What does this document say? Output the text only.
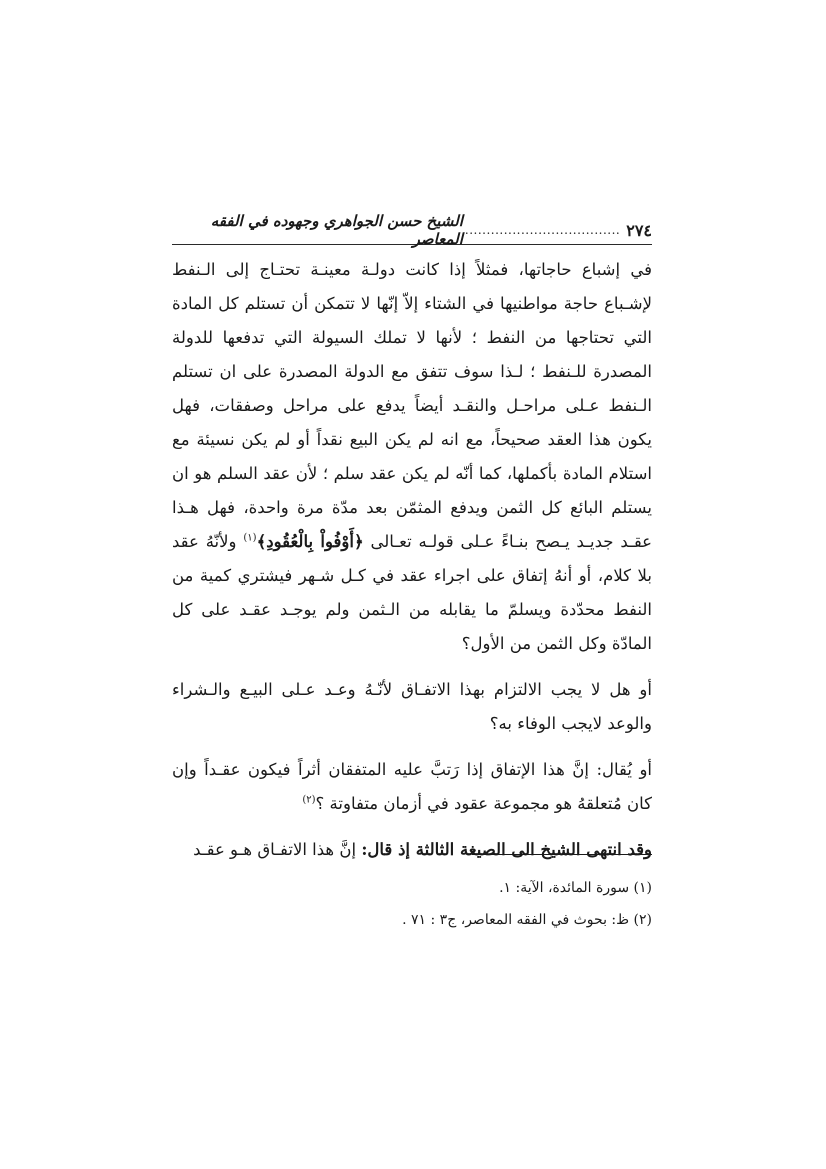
٢٧٤
....................................
الشيخ حسن الجواهري وجهوده في الفقه المعاصر

في إشباع حاجاتها، فمثلاً إذا كانت دولـة معينـة تحتـاج إلى الـنفط لإشـباع حاجة مواطنيها في الشتاء إلاّ إنّها لا تتمكن أن تستلم كل المادة التي تحتاجها من النفط ؛ لأنها لا تملك السيولة التي تدفعها للدولة المصدرة للـنفط ؛ لـذا سوف تتفق مع الدولة المصدرة على ان تستلم الـنفط عـلى مراحـل والنقـد أيضاً يدفع على مراحل وصفقات، فهل يكون هذا العقد صحيحاً، مع انه لم يكن البيع نقداً أو لم يكن نسيئة مع استلام المادة بأكملها، كما أنّه لم يكن عقد سلم ؛ لأن عقد السلم هو ان يستلم البائع كل الثمن ويدفع المثمّن بعد مدّة مرة واحدة، فهل هـذا عقـد جديـد يـصح بنـاءً عـلى قولـه تعـالى ﴿أَوْفُواْ بِالْعُقُودِ﴾$^{(١)}$ ولأنّهُ عقد بلا كلام، أو أنهُ إتفاق على اجراء عقد في كـل شـهر فيشتري كمية من النفط محدّدة ويسلمّ ما يقابله من الـثمن ولم يوجـد عقـد على كل المادّة وكل الثمن من الأول؟

أو هل لا يجب الالتزام بهذا الاتفـاق لأنّـهُ وعـد عـلى البيـع والـشراء والوعد لايجب الوفاء به؟

أو يُقال: إنَّ هذا الإتفاق إذا رَتبَّ عليه المتفقان أثراً فيكون عقـداً وإن كان مُتعلقهُ هو مجموعة عقود في أزمان متفاوتة ؟$^{(٢)}$

وقد انتهى الشيخ الى الصيغة الثالثة إذ قال: إنَّ هذا الاتفـاق هـو عقـد

(١) سورة المائدة، الآية: ١.
(٢) ظ: بحوث في الفقه المعاصر، ج٣ : ٧١ .
